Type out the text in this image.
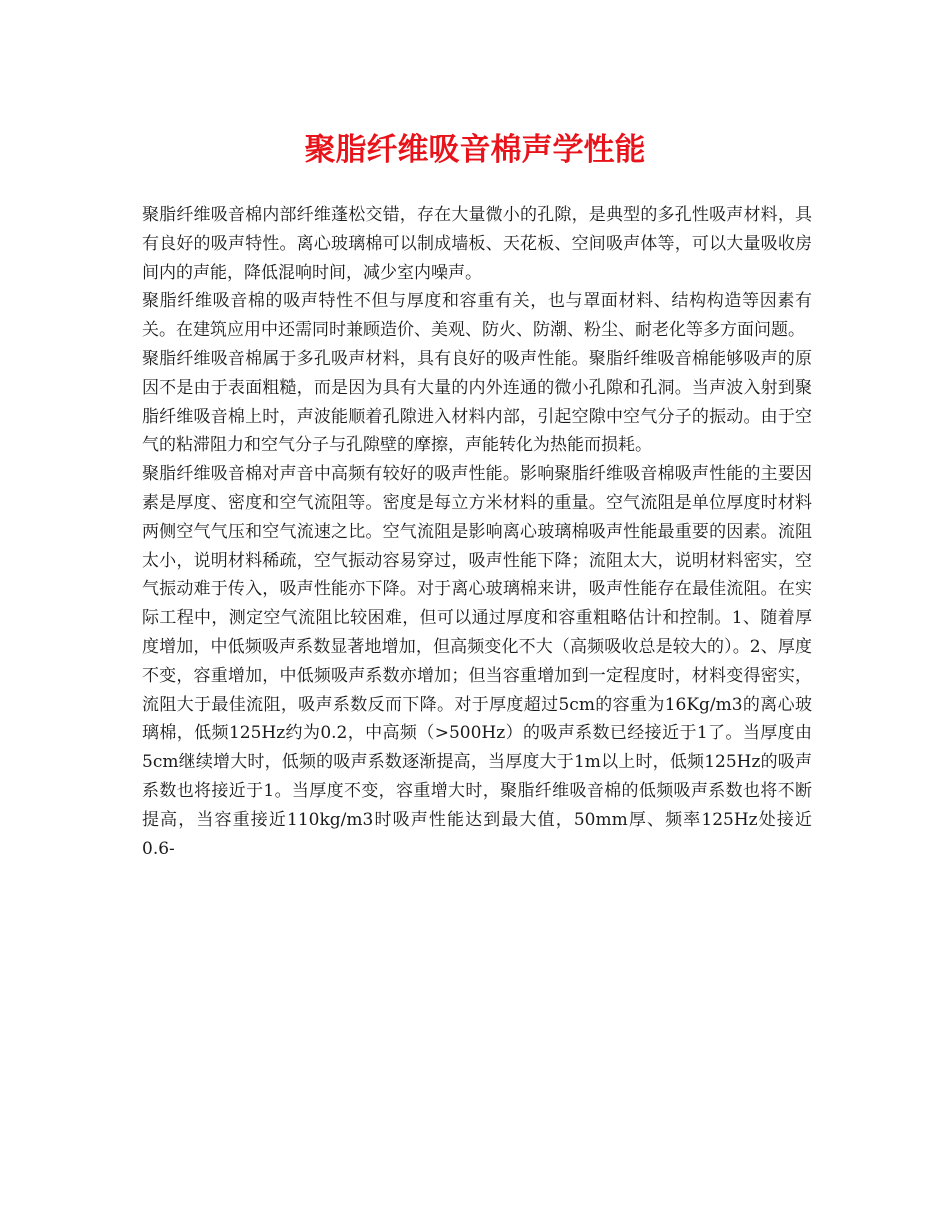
聚脂纤维吸音棉声学性能

聚脂纤维吸音棉内部纤维蓬松交错，存在大量微小的孔隙，是典型的多孔性吸声材料，具有良好的吸声特性。离心玻璃棉可以制成墙板、天花板、空间吸声体等，可以大量吸收房间内的声能，降低混响时间，减少室内噪声。

聚脂纤维吸音棉的吸声特性不但与厚度和容重有关，也与罩面材料、结构构造等因素有关。在建筑应用中还需同时兼顾造价、美观、防火、防潮、粉尘、耐老化等多方面问题。

聚脂纤维吸音棉属于多孔吸声材料，具有良好的吸声性能。聚脂纤维吸音棉能够吸声的原因不是由于表面粗糙，而是因为具有大量的内外连通的微小孔隙和孔洞。当声波入射到聚脂纤维吸音棉上时，声波能顺着孔隙进入材料内部，引起空隙中空气分子的振动。由于空气的粘滞阻力和空气分子与孔隙壁的摩擦，声能转化为热能而损耗。

聚脂纤维吸音棉对声音中高频有较好的吸声性能。影响聚脂纤维吸音棉吸声性能的主要因素是厚度、密度和空气流阻等。密度是每立方米材料的重量。空气流阻是单位厚度时材料两侧空气气压和空气流速之比。空气流阻是影响离心玻璃棉吸声性能最重要的因素。流阻太小，说明材料稀疏，空气振动容易穿过，吸声性能下降；流阻太大，说明材料密实，空气振动难于传入，吸声性能亦下降。对于离心玻璃棉来讲，吸声性能存在最佳流阻。在实际工程中，测定空气流阻比较困难，但可以通过厚度和容重粗略估计和控制。1、随着厚度增加，中低频吸声系数显著地增加，但高频变化不大（高频吸收总是较大的）。2、厚度不变，容重增加，中低频吸声系数亦增加；但当容重增加到一定程度时，材料变得密实，流阻大于最佳流阻，吸声系数反而下降。对于厚度超过5cm的容重为16Kg/m3的离心玻璃棉，低频125Hz约为0.2，中高频（>500Hz）的吸声系数已经接近于1了。当厚度由5cm继续增大时，低频的吸声系数逐渐提高，当厚度大于1m以上时，低频125Hz的吸声系数也将接近于1。当厚度不变，容重增大时，聚脂纤维吸音棉的低频吸声系数也将不断提高，当容重接近110kg/m3时吸声性能达到最大值，50mm厚、频率125Hz处接近0.6-
